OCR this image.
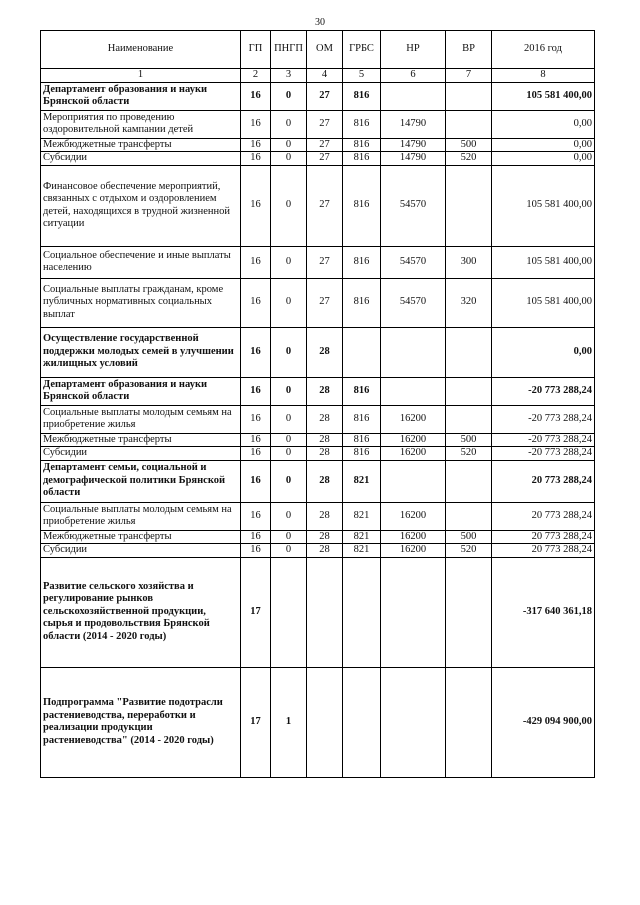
30
Наименование	ГП	ПНГП	ОМ	ГРБС	НР	ВР	2016 год
1	2	3	4	5	6	7	8
Департамент образования и науки Брянской области	16	0	27	816			105 581 400,00
Мероприятия по проведению оздоровительной кампании детей	16	0	27	816	14790		0,00
Межбюджетные трансферты	16	0	27	816	14790	500	0,00
Субсидии	16	0	27	816	14790	520	0,00
Финансовое обеспечение мероприятий, связанных с отдыхом и оздоровлением детей, находящихся в трудной жизненной ситуации	16	0	27	816	54570		105 581 400,00
Социальное обеспечение и иные выплаты населению	16	0	27	816	54570	300	105 581 400,00
Социальные выплаты гражданам, кроме публичных нормативных социальных выплат	16	0	27	816	54570	320	105 581 400,00
Осуществление государственной поддержки молодых семей в улучшении жилищных условий	16	0	28				0,00
Департамент образования и науки Брянской области	16	0	28	816			-20 773 288,24
Социальные выплаты молодым семьям на приобретение жилья	16	0	28	816	16200		-20 773 288,24
Межбюджетные трансферты	16	0	28	816	16200	500	-20 773 288,24
Субсидии	16	0	28	816	16200	520	-20 773 288,24
Департамент семьи, социальной и демографической политики Брянской области	16	0	28	821			20 773 288,24
Социальные выплаты молодым семьям на приобретение жилья	16	0	28	821	16200		20 773 288,24
Межбюджетные трансферты	16	0	28	821	16200	500	20 773 288,24
Субсидии	16	0	28	821	16200	520	20 773 288,24
Развитие сельского хозяйства и регулирование рынков сельскохозяйственной продукции, сырья и продовольствия Брянской области (2014 - 2020 годы)	17						-317 640 361,18
Подпрограмма "Развитие подотрасли растениеводства, переработки и реализации продукции растениеводства" (2014 - 2020 годы)	17	1					-429 094 900,00
